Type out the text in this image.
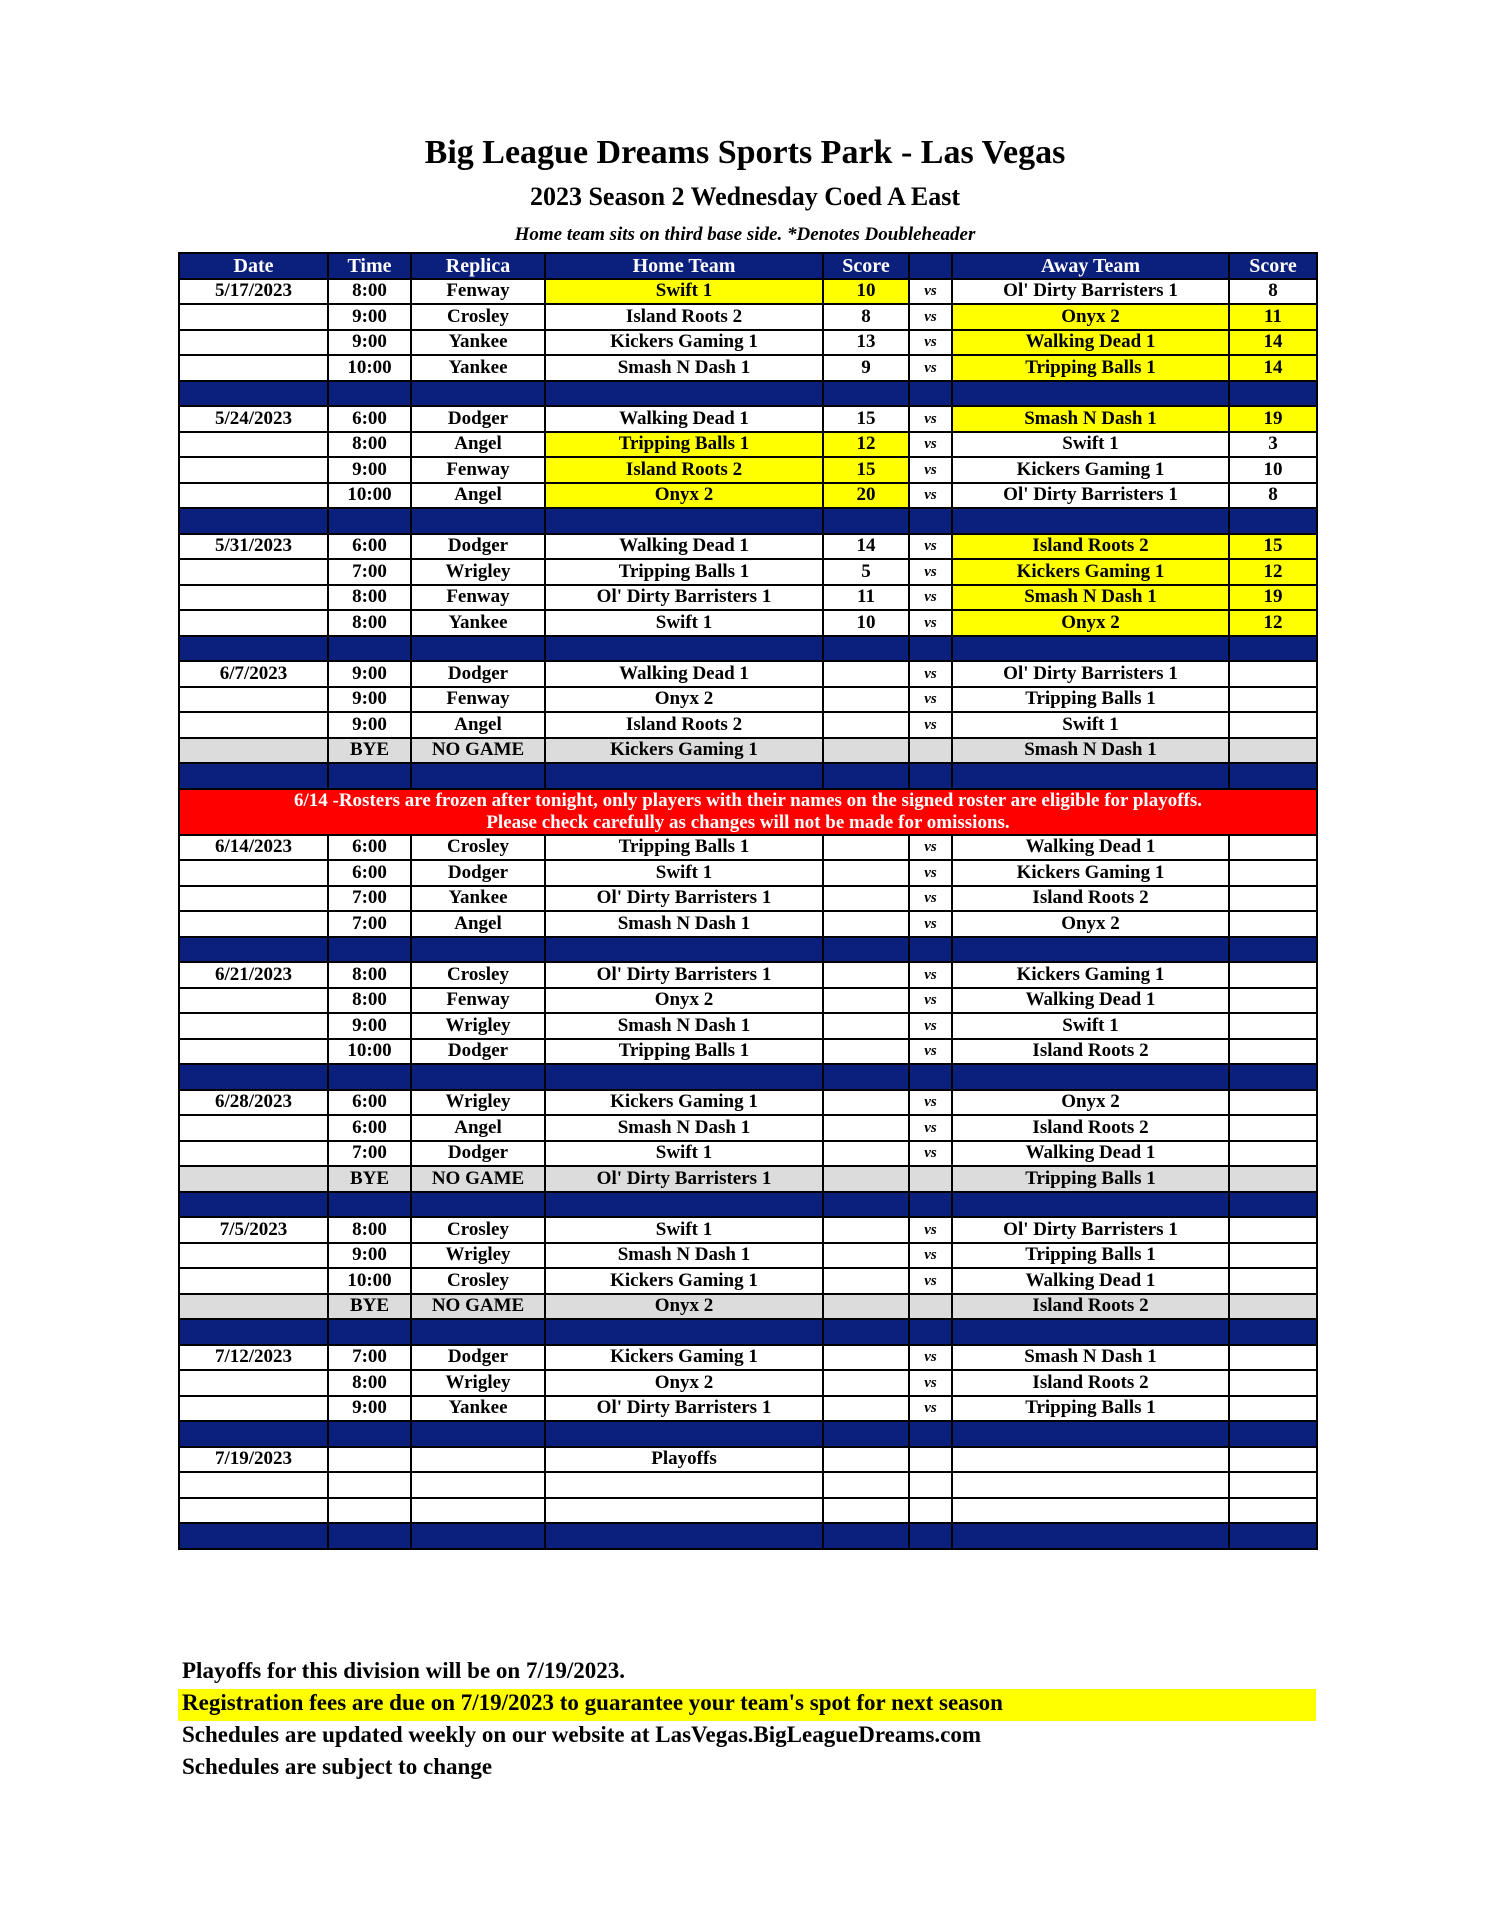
Big League Dreams Sports Park - Las Vegas
2023 Season 2 Wednesday Coed A East
Home team sits on third base side. *Denotes Doubleheader
Date	Time	Replica	Home Team	Score		Away Team	Score
5/17/2023	8:00	Fenway	Swift 1	10	vs	Ol' Dirty Barristers 1	8
	9:00	Crosley	Island Roots 2	8	vs	Onyx 2	11
	9:00	Yankee	Kickers Gaming 1	13	vs	Walking Dead 1	14
	10:00	Yankee	Smash N Dash 1	9	vs	Tripping Balls 1	14

5/24/2023	6:00	Dodger	Walking Dead 1	15	vs	Smash N Dash 1	19
	8:00	Angel	Tripping Balls 1	12	vs	Swift 1	3
	9:00	Fenway	Island Roots 2	15	vs	Kickers Gaming 1	10
	10:00	Angel	Onyx 2	20	vs	Ol' Dirty Barristers 1	8

5/31/2023	6:00	Dodger	Walking Dead 1	14	vs	Island Roots 2	15
	7:00	Wrigley	Tripping Balls 1	5	vs	Kickers Gaming 1	12
	8:00	Fenway	Ol' Dirty Barristers 1	11	vs	Smash N Dash 1	19
	8:00	Yankee	Swift 1	10	vs	Onyx 2	12

6/7/2023	9:00	Dodger	Walking Dead 1		vs	Ol' Dirty Barristers 1	
	9:00	Fenway	Onyx 2		vs	Tripping Balls 1	
	9:00	Angel	Island Roots 2		vs	Swift 1	
	BYE	NO GAME	Kickers Gaming 1			Smash N Dash 1	

6/14 -Rosters are frozen after tonight, only players with their names on the signed roster are eligible for playoffs.
Please check carefully as changes will not be made for omissions.							

6/14/2023	6:00	Crosley	Tripping Balls 1		vs	Walking Dead 1	
	6:00	Dodger	Swift 1		vs	Kickers Gaming 1	
	7:00	Yankee	Ol' Dirty Barristers 1		vs	Island Roots 2	
	7:00	Angel	Smash N Dash 1		vs	Onyx 2	

6/21/2023	8:00	Crosley	Ol' Dirty Barristers 1		vs	Kickers Gaming 1	
	8:00	Fenway	Onyx 2		vs	Walking Dead 1	
	9:00	Wrigley	Smash N Dash 1		vs	Swift 1	
	10:00	Dodger	Tripping Balls 1		vs	Island Roots 2	

6/28/2023	6:00	Wrigley	Kickers Gaming 1		vs	Onyx 2	
	6:00	Angel	Smash N Dash 1		vs	Island Roots 2	
	7:00	Dodger	Swift 1		vs	Walking Dead 1	
	BYE	NO GAME	Ol' Dirty Barristers 1			Tripping Balls 1	

7/5/2023	8:00	Crosley	Swift 1		vs	Ol' Dirty Barristers 1	
	9:00	Wrigley	Smash N Dash 1		vs	Tripping Balls 1	
	10:00	Crosley	Kickers Gaming 1		vs	Walking Dead 1	
	BYE	NO GAME	Onyx 2			Island Roots 2	

7/12/2023	7:00	Dodger	Kickers Gaming 1		vs	Smash N Dash 1	
	8:00	Wrigley	Onyx 2		vs	Island Roots 2	
	9:00	Yankee	Ol' Dirty Barristers 1		vs	Tripping Balls 1	

7/19/2023			Playoffs				

Playoffs for this division will be on 7/19/2023.
Registration fees are due on 7/19/2023 to guarantee your team's spot for next season
Schedules are updated weekly on our website at LasVegas.BigLeagueDreams.com
Schedules are subject to change
